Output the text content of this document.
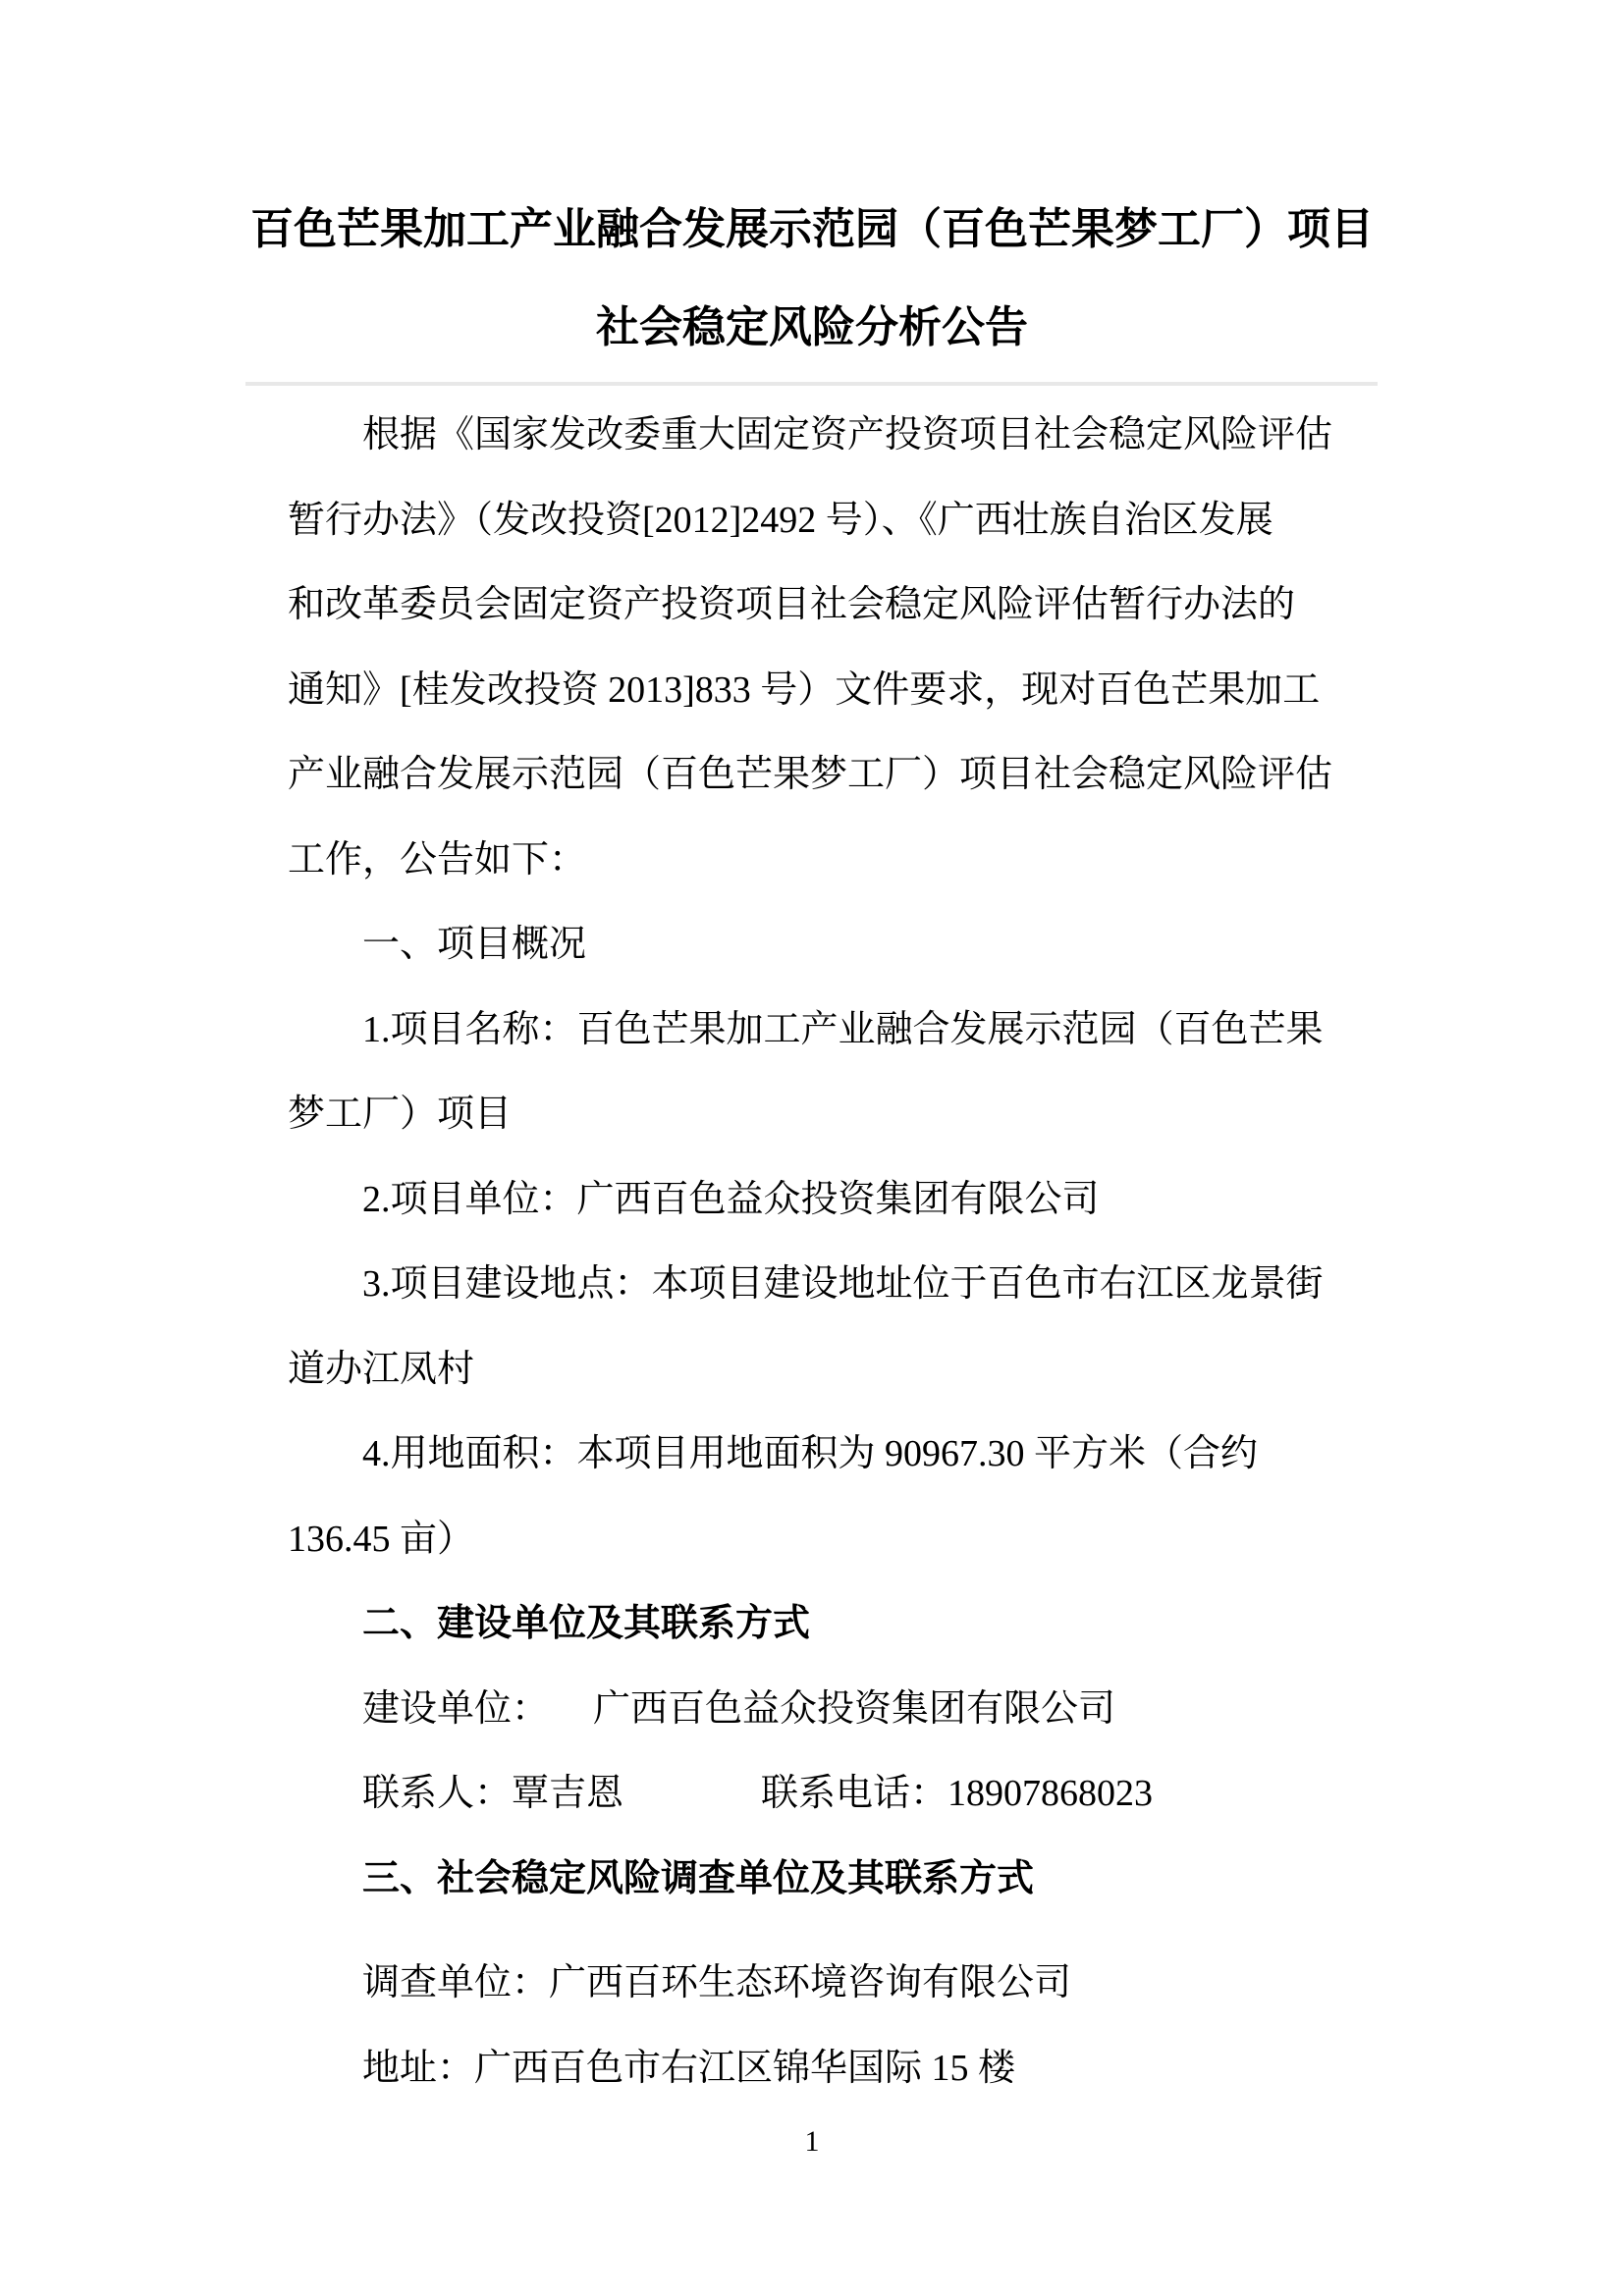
百色芒果加工产业融合发展示范园（百色芒果梦工厂）项目
社会稳定风险分析公告
根据《国家发改委重大固定资产投资项目社会稳定风险评估
暂行办法》（发改投资[2012]2492 号）、《广西壮族自治区发展
和改革委员会固定资产投资项目社会稳定风险评估暂行办法的
通知》[桂发改投资 2013]833 号）文件要求，现对百色芒果加工
产业融合发展示范园（百色芒果梦工厂）项目社会稳定风险评估
工作，公告如下：
一、项目概况
1.项目名称：百色芒果加工产业融合发展示范园（百色芒果
梦工厂）项目
2.项目单位：广西百色益众投资集团有限公司
3.项目建设地点：本项目建设地址位于百色市右江区龙景街
道办江凤村
4.用地面积：本项目用地面积为 90967.30 平方米（合约
136.45 亩）
二、建设单位及其联系方式
建设单位： 广西百色益众投资集团有限公司
联系人：覃吉恩	联系电话：18907868023
三、社会稳定风险调查单位及其联系方式
调查单位：广西百环生态环境咨询有限公司
地址：广西百色市右江区锦华国际 15 楼
1
